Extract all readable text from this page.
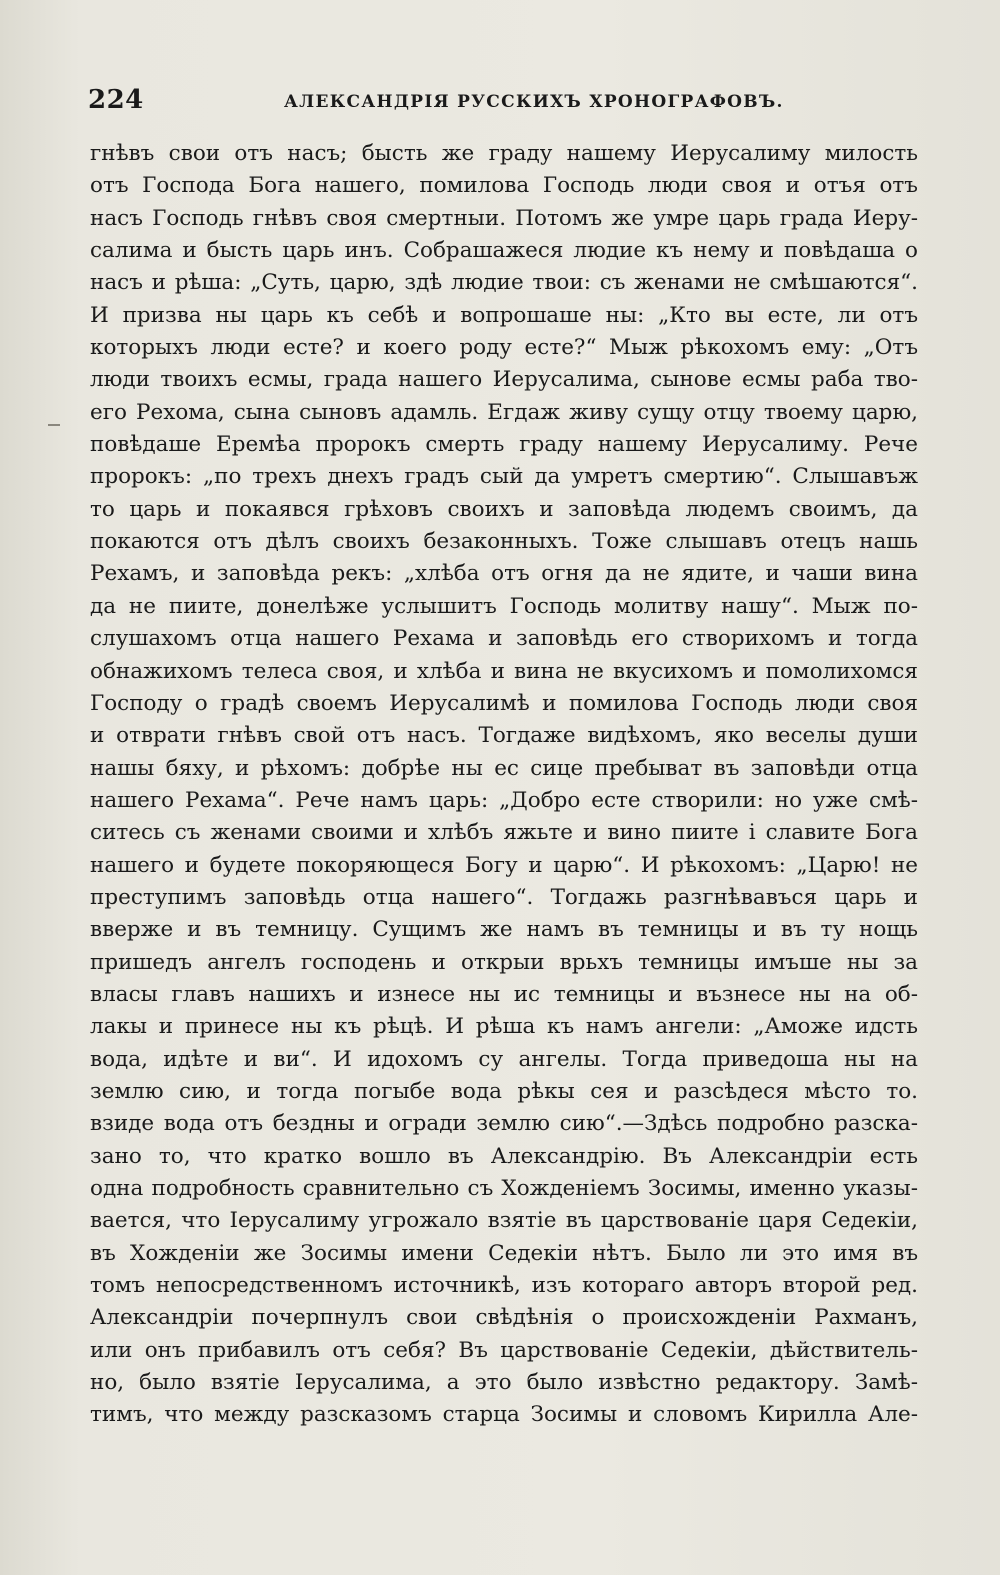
224	АЛЕКСАНДРІЯ РУССКИХЪ ХРОНОГРАФОВЪ.
гнѣвъ свои отъ насъ; бысть же граду нашему Иерусалиму милость
отъ Господа Бога нашего, помилова Господь люди своя и отъя отъ
насъ Господь гнѣвъ своя смертныи. Потомъ же умре царь града Иеру-
салима и бысть царь инъ. Собрашажеся людие къ нему и повѣдаша о
насъ и рѣша: „Суть, царю, здѣ людие твои: съ женами не смѣшаются“.
И призва ны царь къ себѣ и вопрошаше ны: „Кто вы есте, ли отъ
которыхъ люди есте? и коего роду есте?“ Мыж рѣкохомъ ему: „Отъ
люди твоихъ есмы, града нашего Иерусалима, сынове есмы раба тво-
его Рехома, сына сыновъ адамль. Егдаж живу сущу отцу твоему царю,
повѣдаше Еремѣа пророкъ смерть граду нашему Иерусалиму. Рече
пророкъ: „по трехъ днехъ градъ сый да умретъ смертию“. Слышавъж
то царь и покаявся грѣховъ своихъ и заповѣда людемъ своимъ, да
покаются отъ дѣлъ своихъ безаконныхъ. Тоже слышавъ отецъ нашь
Рехамъ, и заповѣда рекъ: „хлѣба отъ огня да не ядите, и чаши вина
да не пиите, донелѣже услышитъ Господь молитву нашу“. Мыж по-
слушахомъ отца нашего Рехама и заповѣдь его створихомъ и тогда
обнажихомъ телеса своя, и хлѣба и вина не вкусихомъ и помолихомся
Господу о градѣ своемъ Иерусалимѣ и помилова Господь люди своя
и отврати гнѣвъ свой отъ насъ. Тогдаже видѣхомъ, яко веселы души
нашы бяху, и рѣхомъ: добрѣе ны ес сице пребыват въ заповѣди отца
нашего Рехама“. Рече намъ царь: „Добро есте створили: но уже смѣ-
ситесь съ женами своими и хлѣбъ яжьте и вино пиите і славите Бога
нашего и будете покоряющеся Богу и царю“. И рѣкохомъ: „Царю! не
преступимъ заповѣдь отца нашего“. Тогдажь разгнѣвавъся царь и
вверже и въ темницу. Сущимъ же намъ въ темницы и въ ту нощь
пришедъ ангелъ господень и открыи врьхъ темницы имъше ны за
власы главъ нашихъ и изнесе ны ис темницы и възнесе ны на об-
лакы и принесе ны къ рѣцѣ. И рѣша къ намъ ангели: „Аможе идсть
вода, идѣте и ви“. И идохомъ су ангелы. Тогда приведоша ны на
землю сию, и тогда погыбе вода рѣкы сея и разсѣдеся мѣсто то.
взиде вода отъ бездны и огради землю сию“.—Здѣсь подробно разска-
зано то, что кратко вошло въ Александрію. Въ Александріи есть
одна подробность сравнительно съ Хожденіемъ Зосимы, именно указы-
вается, что Іерусалиму угрожало взятіе въ царствованіе царя Седекіи,
въ Хожденіи же Зосимы имени Седекіи нѣтъ. Было ли это имя въ
томъ непосредственномъ источникѣ, изъ котораго авторъ второй ред.
Александріи почерпнулъ свои свѣдѣнія о происхожденіи Рахманъ,
или онъ прибавилъ отъ себя? Въ царствованіе Седекіи, дѣйствитель-
но, было взятіе Іерусалима, а это было извѣстно редактору. Замѣ-
тимъ, что между разсказомъ старца Зосимы и словомъ Кирилла Але-
